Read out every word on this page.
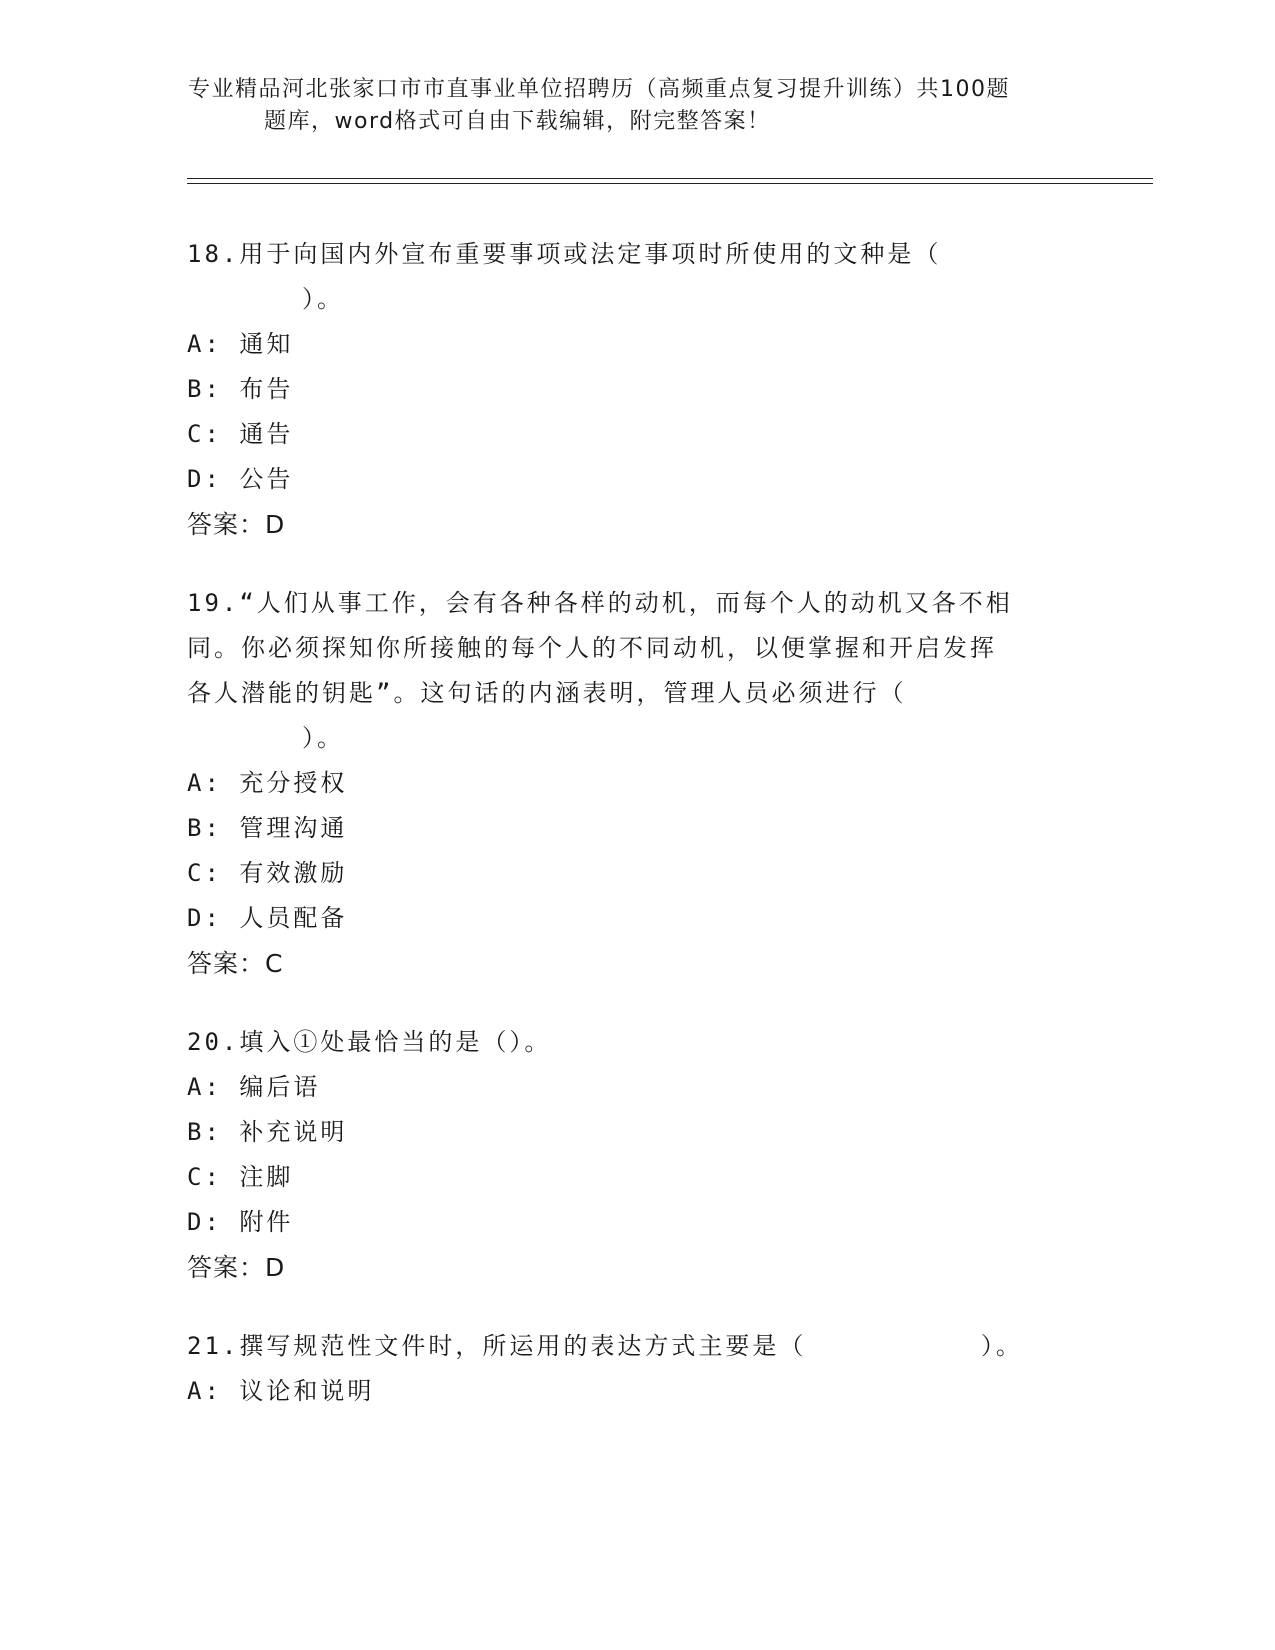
专业精品河北张家口市市直事业单位招聘历（高频重点复习提升训练）共100题
题库，word格式可自由下载编辑，附完整答案！
18.用于向国内外宣布重要事项或法定事项时所使用的文种是（
）。
A: 通知
B: 布告
C: 通告
D: 公告
答案：D
19.“人们从事工作，会有各种各样的动机，而每个人的动机又各不相
同。你必须探知你所接触的每个人的不同动机，以便掌握和开启发挥
各人潜能的钥匙”。这句话的内涵表明，管理人员必须进行（
）。
A: 充分授权
B: 管理沟通
C: 有效激励
D: 人员配备
答案：C
20.填入①处最恰当的是（）。
A: 编后语
B: 补充说明
C: 注脚
D: 附件
答案：D
21.撰写规范性文件时，所运用的表达方式主要是（          ）。
A: 议论和说明
